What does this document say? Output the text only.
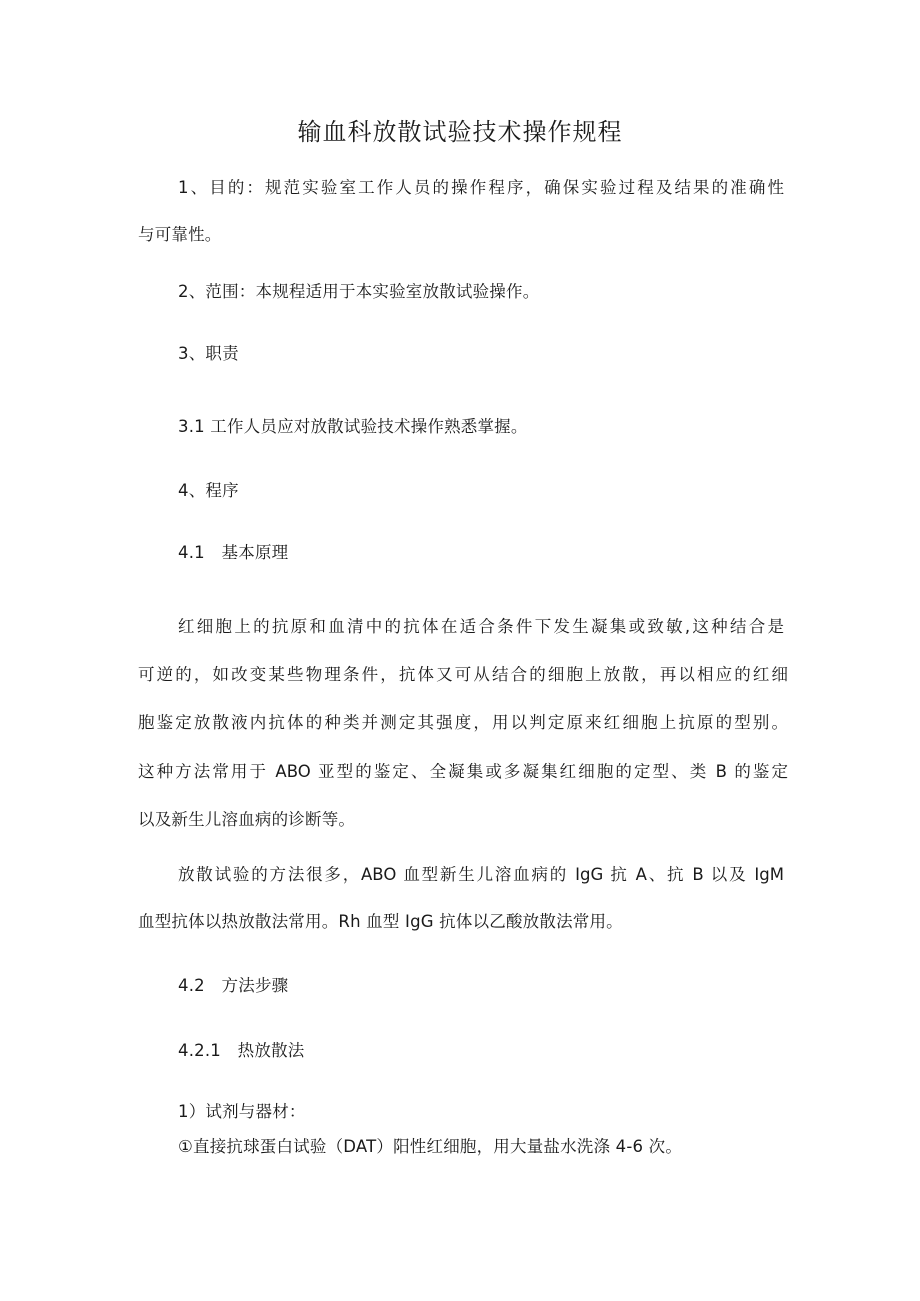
输血科放散试验技术操作规程
1、目的：规范实验室工作人员的操作程序，确保实验过程及结果的准确性
与可靠性。
2、范围：本规程适用于本实验室放散试验操作。
3、职责
3.1 工作人员应对放散试验技术操作熟悉掌握。
4、程序
4.1　基本原理
红细胞上的抗原和血清中的抗体在适合条件下发生凝集或致敏,这种结合是
可逆的，如改变某些物理条件，抗体又可从结合的细胞上放散，再以相应的红细
胞鉴定放散液内抗体的种类并测定其强度，用以判定原来红细胞上抗原的型别。
这种方法常用于 ABO 亚型的鉴定、全凝集或多凝集红细胞的定型、类 B 的鉴定
以及新生儿溶血病的诊断等。
放散试验的方法很多，ABO 血型新生儿溶血病的 IgG 抗 A、抗 B 以及 IgM
血型抗体以热放散法常用。Rh 血型 IgG 抗体以乙酸放散法常用。
4.2　方法步骤
4.2.1　热放散法
1）试剂与器材：
①直接抗球蛋白试验（DAT）阳性红细胞，用大量盐水洗涤 4-6 次。
